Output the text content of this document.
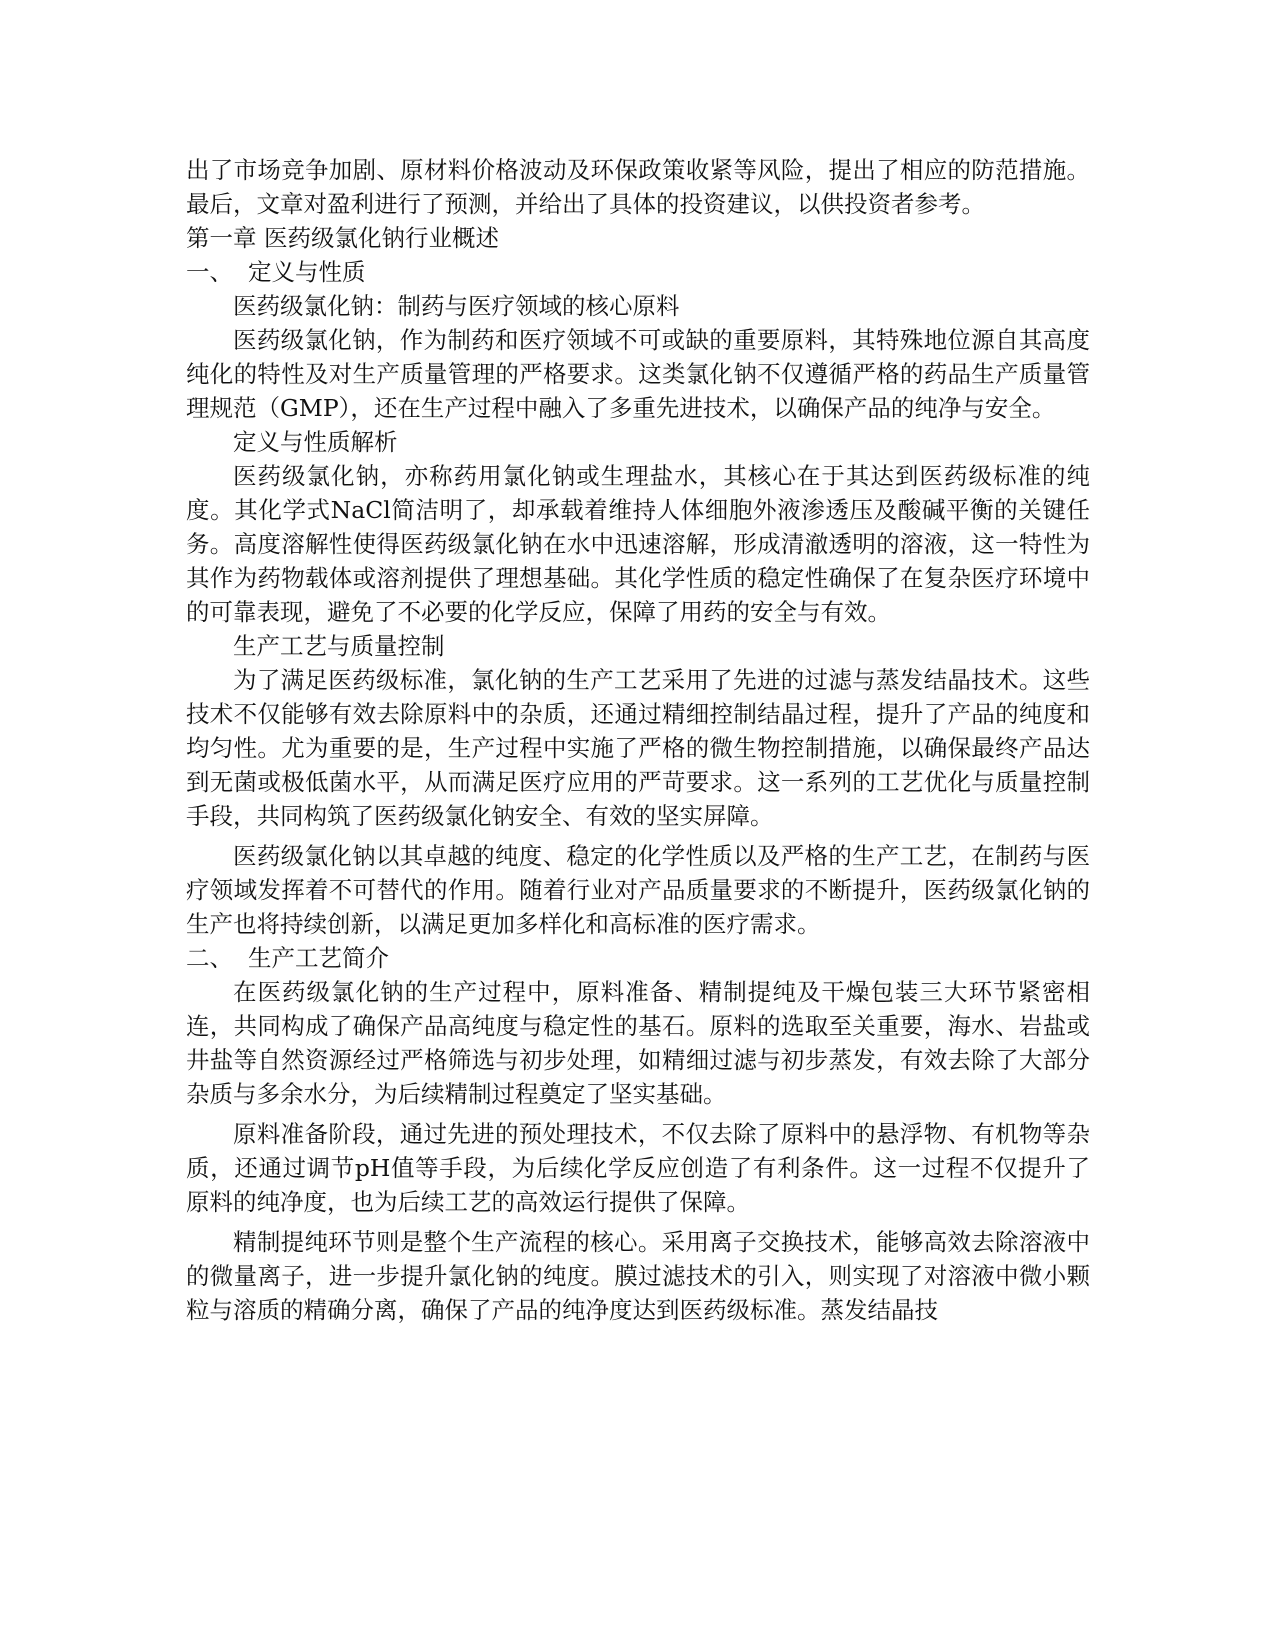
出了市场竞争加剧、原材料价格波动及环保政策收紧等风险，提出了相应的防范措施。最后，文章对盈利进行了预测，并给出了具体的投资建议，以供投资者参考。

第一章 医药级氯化钠行业概述

一、  定义与性质

医药级氯化钠：制药与医疗领域的核心原料

医药级氯化钠，作为制药和医疗领域不可或缺的重要原料，其特殊地位源自其高度纯化的特性及对生产质量管理的严格要求。这类氯化钠不仅遵循严格的药品生产质量管理规范（GMP），还在生产过程中融入了多重先进技术，以确保产品的纯净与安全。

定义与性质解析

医药级氯化钠，亦称药用氯化钠或生理盐水，其核心在于其达到医药级标准的纯度。其化学式NaCl简洁明了，却承载着维持人体细胞外液渗透压及酸碱平衡的关键任务。高度溶解性使得医药级氯化钠在水中迅速溶解，形成清澈透明的溶液，这一特性为其作为药物载体或溶剂提供了理想基础。其化学性质的稳定性确保了在复杂医疗环境中的可靠表现，避免了不必要的化学反应，保障了用药的安全与有效。

生产工艺与质量控制

为了满足医药级标准，氯化钠的生产工艺采用了先进的过滤与蒸发结晶技术。这些技术不仅能够有效去除原料中的杂质，还通过精细控制结晶过程，提升了产品的纯度和均匀性。尤为重要的是，生产过程中实施了严格的微生物控制措施，以确保最终产品达到无菌或极低菌水平，从而满足医疗应用的严苛要求。这一系列的工艺优化与质量控制手段，共同构筑了医药级氯化钠安全、有效的坚实屏障。

医药级氯化钠以其卓越的纯度、稳定的化学性质以及严格的生产工艺，在制药与医疗领域发挥着不可替代的作用。随着行业对产品质量要求的不断提升，医药级氯化钠的生产也将持续创新，以满足更加多样化和高标准的医疗需求。

二、  生产工艺简介

在医药级氯化钠的生产过程中，原料准备、精制提纯及干燥包装三大环节紧密相连，共同构成了确保产品高纯度与稳定性的基石。原料的选取至关重要，海水、岩盐或井盐等自然资源经过严格筛选与初步处理，如精细过滤与初步蒸发，有效去除了大部分杂质与多余水分，为后续精制过程奠定了坚实基础。

原料准备阶段，通过先进的预处理技术，不仅去除了原料中的悬浮物、有机物等杂质，还通过调节pH值等手段，为后续化学反应创造了有利条件。这一过程不仅提升了原料的纯净度，也为后续工艺的高效运行提供了保障。

精制提纯环节则是整个生产流程的核心。采用离子交换技术，能够高效去除溶液中的微量离子，进一步提升氯化钠的纯度。膜过滤技术的引入，则实现了对溶液中微小颗粒与溶质的精确分离，确保了产品的纯净度达到医药级标准。蒸发结晶技
